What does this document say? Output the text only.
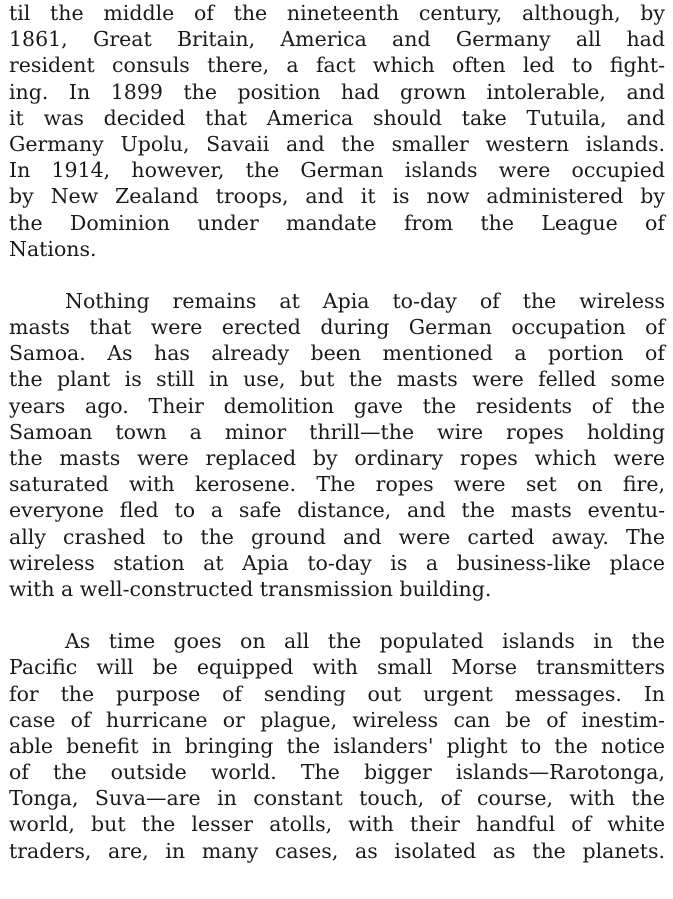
til the middle of the nineteenth century, although, by
1861, Great Britain, America and Germany all had
resident consuls there, a fact which often led to fight-
ing. In 1899 the position had grown intolerable, and
it was decided that America should take Tutuila, and
Germany Upolu, Savaii and the smaller western islands.
In 1914, however, the German islands were occupied
by New Zealand troops, and it is now administered by
the Dominion under mandate from the League of
Nations.
Nothing remains at Apia to-day of the wireless
masts that were erected during German occupation of
Samoa. As has already been mentioned a portion of
the plant is still in use, but the masts were felled some
years ago. Their demolition gave the residents of the
Samoan town a minor thrill—the wire ropes holding
the masts were replaced by ordinary ropes which were
saturated with kerosene. The ropes were set on fire,
everyone fled to a safe distance, and the masts eventu-
ally crashed to the ground and were carted away. The
wireless station at Apia to-day is a business-like place
with a well-constructed transmission building.
As time goes on all the populated islands in the
Pacific will be equipped with small Morse transmitters
for the purpose of sending out urgent messages. In
case of hurricane or plague, wireless can be of inestim-
able benefit in bringing the islanders' plight to the notice
of the outside world. The bigger islands—Rarotonga,
Tonga, Suva—are in constant touch, of course, with the
world, but the lesser atolls, with their handful of white
traders, are, in many cases, as isolated as the planets.
